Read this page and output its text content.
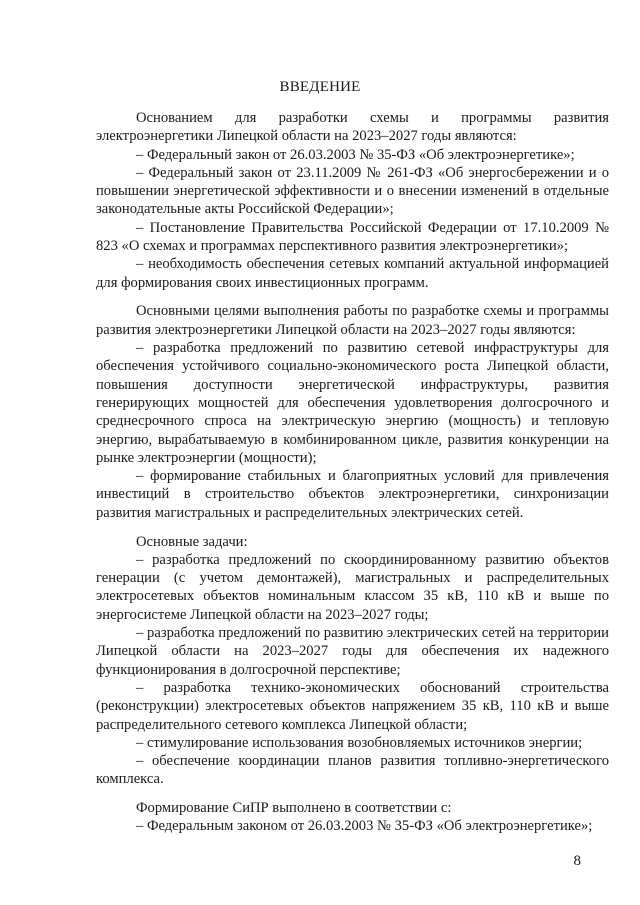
ВВЕДЕНИЕ

Основанием для разработки схемы и программы развития электроэнергетики Липецкой области на 2023–2027 годы являются:

– Федеральный закон от 26.03.2003 № 35-ФЗ «Об электроэнергетике»;

– Федеральный закон от 23.11.2009 № 261-ФЗ «Об энергосбережении и о повышении энергетической эффективности и о внесении изменений в отдельные законодательные акты Российской Федерации»;

– Постановление Правительства Российской Федерации от 17.10.2009 № 823 «О схемах и программах перспективного развития электроэнергетики»;

– необходимость обеспечения сетевых компаний актуальной информацией для формирования своих инвестиционных программ.

Основными целями выполнения работы по разработке схемы и программы развития электроэнергетики Липецкой области на 2023–2027 годы являются:

– разработка предложений по развитию сетевой инфраструктуры для обеспечения устойчивого социально-экономического роста Липецкой области, повышения доступности энергетической инфраструктуры, развития генерирующих мощностей для обеспечения удовлетворения долгосрочного и среднесрочного спроса на электрическую энергию (мощность) и тепловую энергию, вырабатываемую в комбинированном цикле, развития конкуренции на рынке электроэнергии (мощности);

– формирование стабильных и благоприятных условий для привлечения инвестиций в строительство объектов электроэнергетики, синхронизации развития магистральных и распределительных электрических сетей.

Основные задачи:

– разработка предложений по скоординированному развитию объектов генерации (с учетом демонтажей), магистральных и распределительных электросетевых объектов номинальным классом 35 кВ, 110 кВ и выше по энергосистеме Липецкой области на 2023–2027 годы;

– разработка предложений по развитию электрических сетей на территории Липецкой области на 2023–2027 годы для обеспечения их надежного функционирования в долгосрочной перспективе;

– разработка технико-экономических обоснований строительства (реконструкции) электросетевых объектов напряжением 35 кВ, 110 кВ и выше распределительного сетевого комплекса Липецкой области;

– стимулирование использования возобновляемых источников энергии;

– обеспечение координации планов развития топливно-энергетического комплекса.

Формирование СиПР выполнено в соответствии с:

– Федеральным законом от 26.03.2003 № 35-ФЗ «Об электроэнергетике»;

8
